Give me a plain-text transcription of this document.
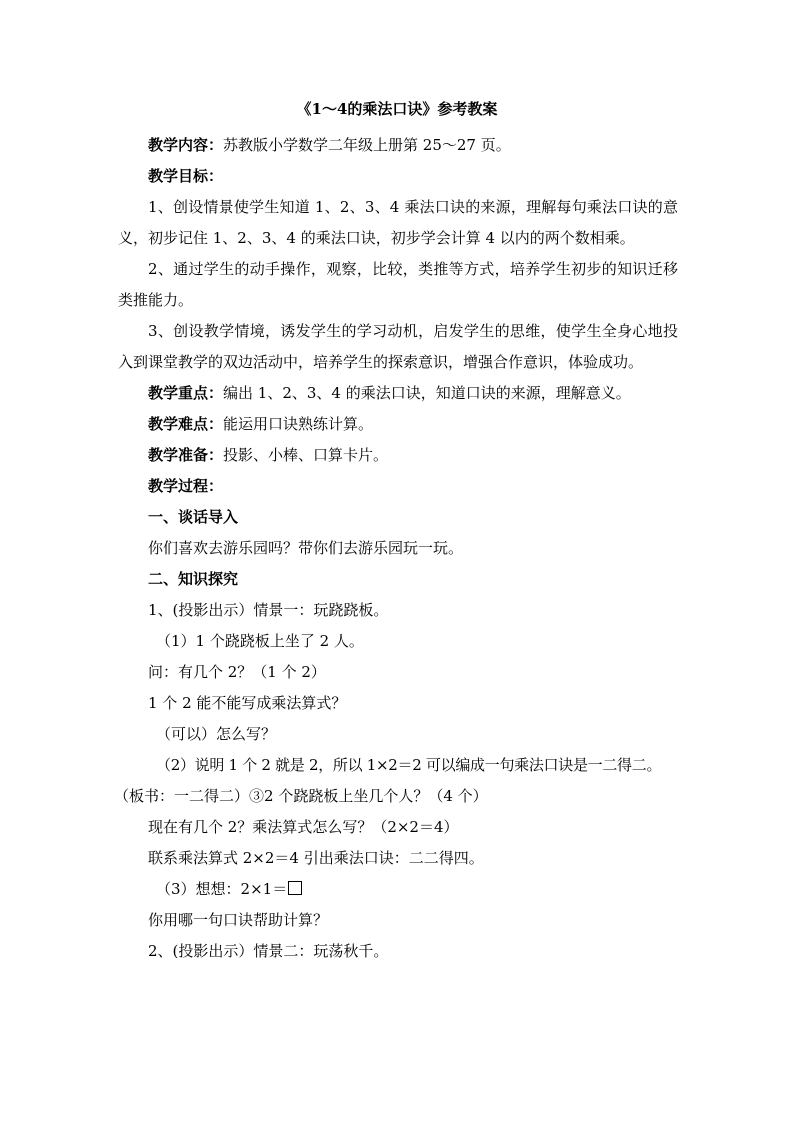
《1～4的乘法口诀》参考教案
教学内容：苏教版小学数学二年级上册第 25～27 页。
教学目标：
1、创设情景使学生知道 1、2、3、4 乘法口诀的来源，理解每句乘法口诀的意义，初步记住 1、2、3、4 的乘法口诀，初步学会计算 4 以内的两个数相乘。
2、通过学生的动手操作，观察，比较，类推等方式，培养学生初步的知识迁移类推能力。
3、创设教学情境，诱发学生的学习动机，启发学生的思维，使学生全身心地投入到课堂教学的双边活动中，培养学生的探索意识，增强合作意识，体验成功。
教学重点：编出 1、2、3、4 的乘法口诀，知道口诀的来源，理解意义。
教学难点：能运用口诀熟练计算。
教学准备：投影、小棒、口算卡片。
教学过程：
一、谈话导入
你们喜欢去游乐园吗？带你们去游乐园玩一玩。
二、知识探究
1、(投影出示）情景一：玩跷跷板。
（1）1 个跷跷板上坐了 2 人。
问：有几个 2？（1 个 2）
1 个 2 能不能写成乘法算式？
（可以）怎么写？
（2）说明 1 个 2 就是 2，所以 1×2＝2 可以编成一句乘法口诀是一二得二。
（板书：一二得二）③2 个跷跷板上坐几个人？（4 个）
现在有几个 2？乘法算式怎么写？（2×2＝4）
联系乘法算式 2×2＝4 引出乘法口诀：二二得四。
（3）想想：2×1＝
你用哪一句口诀帮助计算？
2、(投影出示）情景二：玩荡秋千。
